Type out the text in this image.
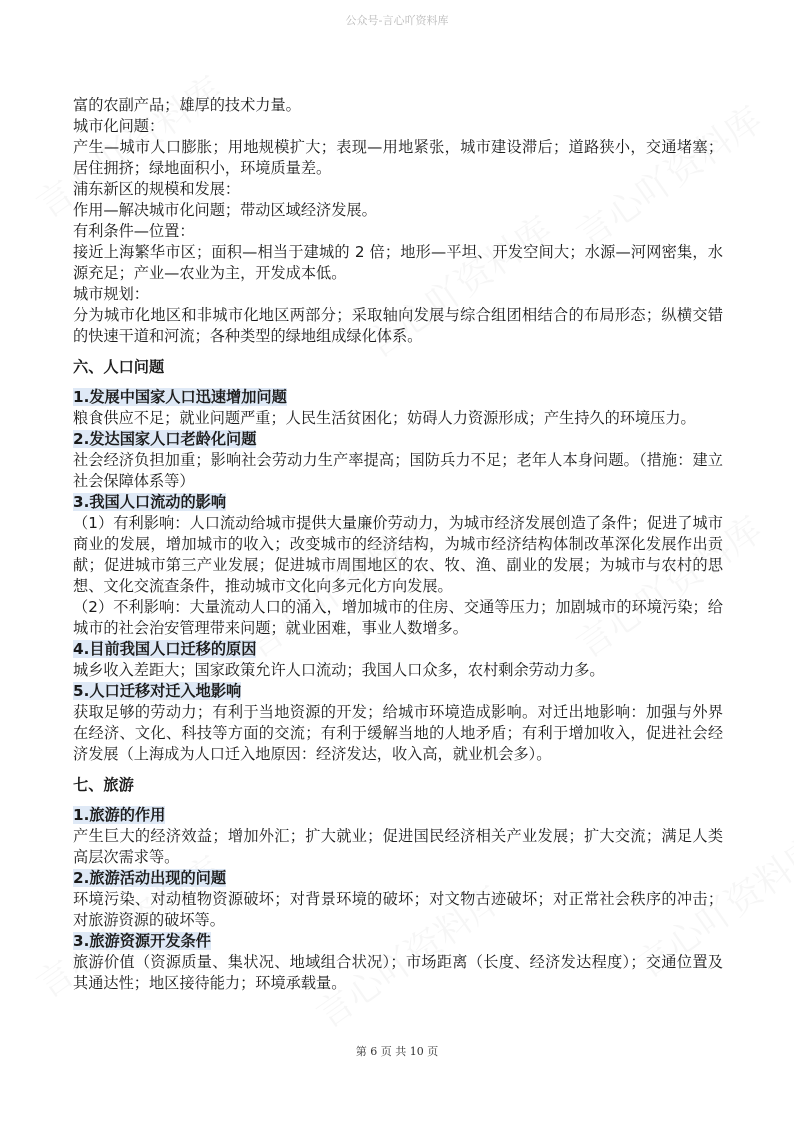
公众号-言心吖资料库

富的农副产品；雄厚的技术力量。

城市化问题：

产生—城市人口膨胀；用地规模扩大；表现—用地紧张，城市建设滞后；道路狭小，交通堵塞；居住拥挤；绿地面积小，环境质量差。

浦东新区的规模和发展：

作用—解决城市化问题；带动区域经济发展。

有利条件—位置：

接近上海繁华市区；面积—相当于建城的 2 倍；地形—平坦、开发空间大；水源—河网密集，水源充足；产业—农业为主，开发成本低。

城市规划：

分为城市化地区和非城市化地区两部分；采取轴向发展与综合组团相结合的布局形态；纵横交错的快速干道和河流；各种类型的绿地组成绿化体系。

六、人口问题

1.发展中国家人口迅速增加问题

粮食供应不足；就业问题严重；人民生活贫困化；妨碍人力资源形成；产生持久的环境压力。

2.发达国家人口老龄化问题

社会经济负担加重；影响社会劳动力生产率提高；国防兵力不足；老年人本身问题。（措施：建立社会保障体系等）

3.我国人口流动的影响

（1）有利影响：人口流动给城市提供大量廉价劳动力，为城市经济发展创造了条件；促进了城市商业的发展，增加城市的收入；改变城市的经济结构，为城市经济结构体制改革深化发展作出贡献；促进城市第三产业发展；促进城市周围地区的农、牧、渔、副业的发展；为城市与农村的思想、文化交流查条件，推动城市文化向多元化方向发展。

（2）不利影响：大量流动人口的涌入，增加城市的住房、交通等压力；加剧城市的环境污染；给城市的社会治安管理带来问题；就业困难，事业人数增多。

4.目前我国人口迁移的原因

城乡收入差距大；国家政策允许人口流动；我国人口众多，农村剩余劳动力多。

5.人口迁移对迁入地影响

获取足够的劳动力；有利于当地资源的开发；给城市环境造成影响。对迁出地影响：加强与外界在经济、文化、科技等方面的交流；有利于缓解当地的人地矛盾；有利于增加收入，促进社会经济发展（上海成为人口迁入地原因：经济发达，收入高，就业机会多）。

七、旅游

1.旅游的作用

产生巨大的经济效益；增加外汇；扩大就业；促进国民经济相关产业发展；扩大交流；满足人类高层次需求等。

2.旅游活动出现的问题

环境污染、对动植物资源破坏；对背景环境的破坏；对文物古迹破坏；对正常社会秩序的冲击；对旅游资源的破坏等。

3.旅游资源开发条件

旅游价值（资源质量、集状况、地域组合状况）；市场距离（长度、经济发达程度）；交通位置及其通达性；地区接待能力；环境承载量。

第 6 页 共 10 页
